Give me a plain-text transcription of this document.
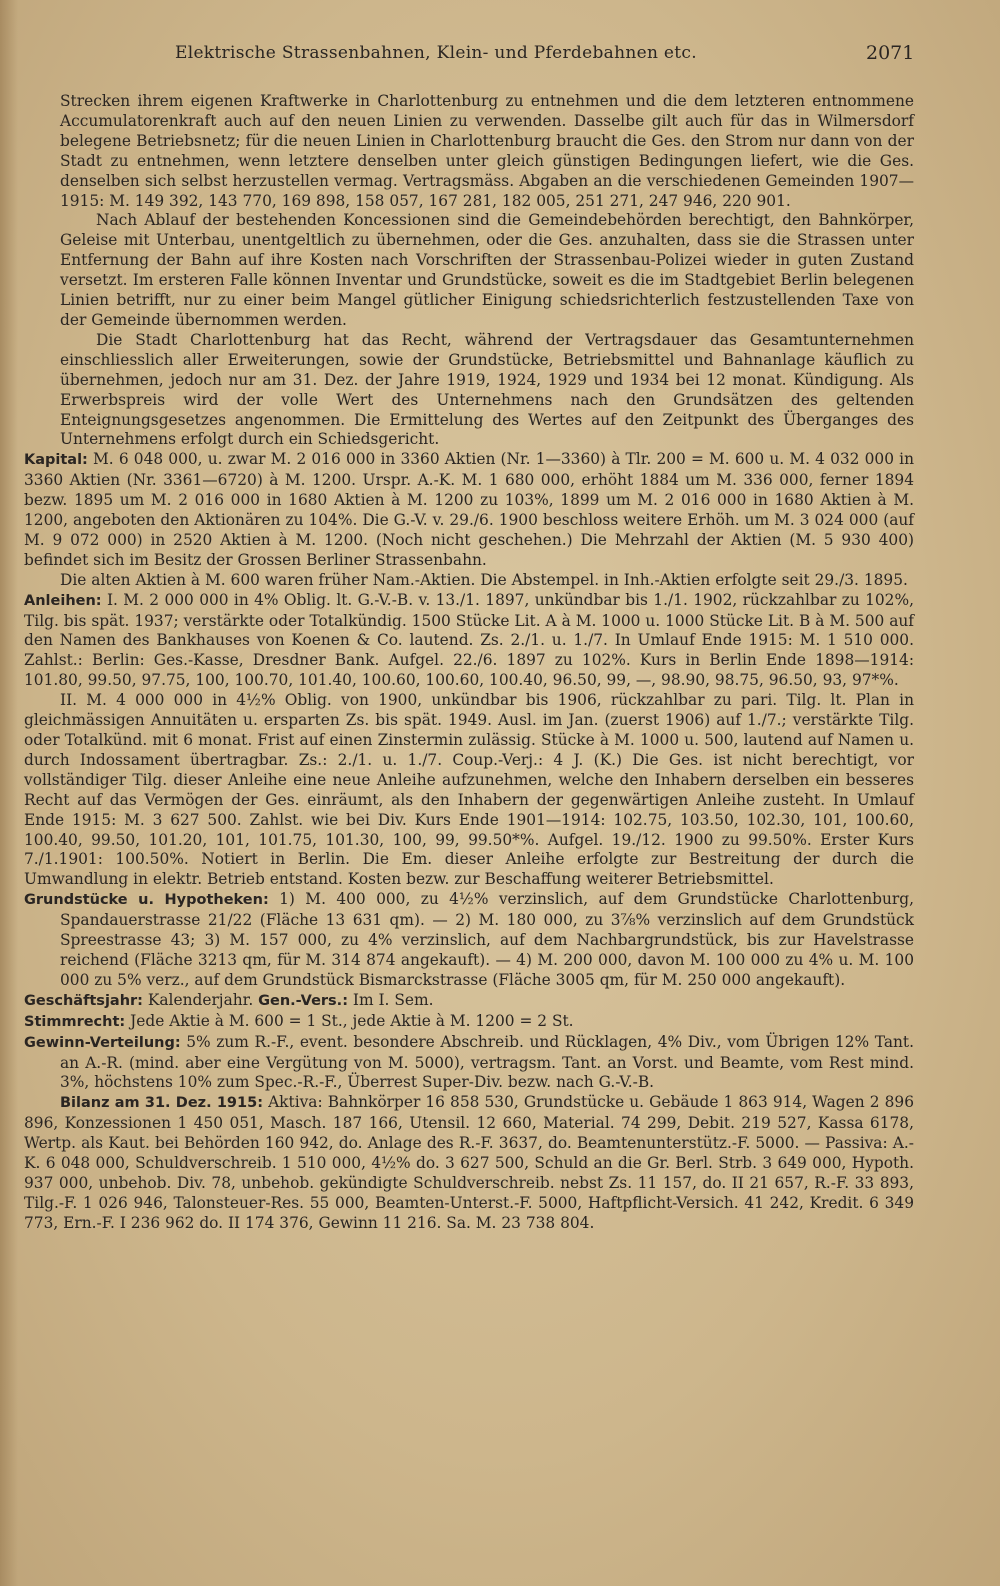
Elektrische Strassenbahnen, Klein- und Pferdebahnen etc.	2071

Strecken ihrem eigenen Kraftwerke in Charlottenburg zu entnehmen und die dem letzteren entnommene Accumulatorenkraft auch auf den neuen Linien zu verwenden. Dasselbe gilt auch für das in Wilmersdorf belegene Betriebsnetz; für die neuen Linien in Charlottenburg braucht die Ges. den Strom nur dann von der Stadt zu entnehmen, wenn letztere denselben unter gleich günstigen Bedingungen liefert, wie die Ges. denselben sich selbst herzustellen vermag. Vertragsmäss. Abgaben an die verschiedenen Gemeinden 1907—1915: M. 149 392, 143 770, 169 898, 158 057, 167 281, 182 005, 251 271, 247 946, 220 901.

Nach Ablauf der bestehenden Koncessionen sind die Gemeindebehörden berechtigt, den Bahnkörper, Geleise mit Unterbau, unentgeltlich zu übernehmen, oder die Ges. anzuhalten, dass sie die Strassen unter Entfernung der Bahn auf ihre Kosten nach Vorschriften der Strassenbau-Polizei wieder in guten Zustand versetzt. Im ersteren Falle können Inventar und Grundstücke, soweit es die im Stadtgebiet Berlin belegenen Linien betrifft, nur zu einer beim Mangel gütlicher Einigung schiedsrichterlich festzustellenden Taxe von der Gemeinde übernommen werden.

Die Stadt Charlottenburg hat das Recht, während der Vertragsdauer das Gesamtunternehmen einschliesslich aller Erweiterungen, sowie der Grundstücke, Betriebsmittel und Bahnanlage käuflich zu übernehmen, jedoch nur am 31. Dez. der Jahre 1919, 1924, 1929 und 1934 bei 12 monat. Kündigung. Als Erwerbspreis wird der volle Wert des Unternehmens nach den Grundsätzen des geltenden Enteignungsgesetzes angenommen. Die Ermittelung des Wertes auf den Zeitpunkt des Überganges des Unternehmens erfolgt durch ein Schiedsgericht.

Kapital: M. 6 048 000, u. zwar M. 2 016 000 in 3360 Aktien (Nr. 1—3360) à Tlr. 200 = M. 600 u. M. 4 032 000 in 3360 Aktien (Nr. 3361—6720) à M. 1200. Urspr. A.-K. M. 1 680 000, erhöht 1884 um M. 336 000, ferner 1894 bezw. 1895 um M. 2 016 000 in 1680 Aktien à M. 1200 zu 103%, 1899 um M. 2 016 000 in 1680 Aktien à M. 1200, angeboten den Aktionären zu 104%. Die G.-V. v. 29./6. 1900 beschloss weitere Erhöh. um M. 3 024 000 (auf M. 9 072 000) in 2520 Aktien à M. 1200. (Noch nicht geschehen.) Die Mehrzahl der Aktien (M. 5 930 400) befindet sich im Besitz der Grossen Berliner Strassenbahn.

Die alten Aktien à M. 600 waren früher Nam.-Aktien. Die Abstempel. in Inh.-Aktien erfolgte seit 29./3. 1895.

Anleihen: I. M. 2 000 000 in 4% Oblig. lt. G.-V.-B. v. 13./1. 1897, unkündbar bis 1./1. 1902, rückzahlbar zu 102%, Tilg. bis spät. 1937; verstärkte oder Totalkündig. 1500 Stücke Lit. A à M. 1000 u. 1000 Stücke Lit. B à M. 500 auf den Namen des Bankhauses von Koenen & Co. lautend. Zs. 2./1. u. 1./7. In Umlauf Ende 1915: M. 1 510 000. Zahlst.: Berlin: Ges.-Kasse, Dresdner Bank. Aufgel. 22./6. 1897 zu 102%. Kurs in Berlin Ende 1898—1914: 101.80, 99.50, 97.75, 100, 100.70, 101.40, 100.60, 100.60, 100.40, 96.50, 99, —, 98.90, 98.75, 96.50, 93, 97*%.

II. M. 4 000 000 in 4½% Oblig. von 1900, unkündbar bis 1906, rückzahlbar zu pari. Tilg. lt. Plan in gleichmässigen Annuitäten u. ersparten Zs. bis spät. 1949. Ausl. im Jan. (zuerst 1906) auf 1./7.; verstärkte Tilg. oder Totalkünd. mit 6 monat. Frist auf einen Zinstermin zulässig. Stücke à M. 1000 u. 500, lautend auf Namen u. durch Indossament übertragbar. Zs.: 2./1. u. 1./7. Coup.-Verj.: 4 J. (K.) Die Ges. ist nicht berechtigt, vor vollständiger Tilg. dieser Anleihe eine neue Anleihe aufzunehmen, welche den Inhabern derselben ein besseres Recht auf das Vermögen der Ges. einräumt, als den Inhabern der gegenwärtigen Anleihe zusteht. In Umlauf Ende 1915: M. 3 627 500. Zahlst. wie bei Div. Kurs Ende 1901—1914: 102.75, 103.50, 102.30, 101, 100.60, 100.40, 99.50, 101.20, 101, 101.75, 101.30, 100, 99, 99.50*%. Aufgel. 19./12. 1900 zu 99.50%. Erster Kurs 7./1.1901: 100.50%. Notiert in Berlin. Die Em. dieser Anleihe erfolgte zur Bestreitung der durch die Umwandlung in elektr. Betrieb entstand. Kosten bezw. zur Beschaffung weiterer Betriebsmittel.

Grundstücke u. Hypotheken: 1) M. 400 000, zu 4½% verzinslich, auf dem Grundstücke Charlottenburg, Spandauerstrasse 21/22 (Fläche 13 631 qm). — 2) M. 180 000, zu 3⅞% verzinslich auf dem Grundstück Spreestrasse 43; 3) M. 157 000, zu 4% verzinslich, auf dem Nachbargrundstück, bis zur Havelstrasse reichend (Fläche 3213 qm, für M. 314 874 angekauft). — 4) M. 200 000, davon M. 100 000 zu 4% u. M. 100 000 zu 5% verz., auf dem Grundstück Bismarckstrasse (Fläche 3005 qm, für M. 250 000 angekauft).

Geschäftsjahr: Kalenderjahr. Gen.-Vers.: Im I. Sem.

Stimmrecht: Jede Aktie à M. 600 = 1 St., jede Aktie à M. 1200 = 2 St.

Gewinn-Verteilung: 5% zum R.-F., event. besondere Abschreib. und Rücklagen, 4% Div., vom Übrigen 12% Tant. an A.-R. (mind. aber eine Vergütung von M. 5000), vertragsm. Tant. an Vorst. und Beamte, vom Rest mind. 3%, höchstens 10% zum Spec.-R.-F., Überrest Super-Div. bezw. nach G.-V.-B.

Bilanz am 31. Dez. 1915: Aktiva: Bahnkörper 16 858 530, Grundstücke u. Gebäude 1 863 914, Wagen 2 896 896, Konzessionen 1 450 051, Masch. 187 166, Utensil. 12 660, Material. 74 299, Debit. 219 527, Kassa 6178, Wertp. als Kaut. bei Behörden 160 942, do. Anlage des R.-F. 3637, do. Beamtenunterstütz.-F. 5000. — Passiva: A.-K. 6 048 000, Schuldverschreib. 1 510 000, 4½% do. 3 627 500, Schuld an die Gr. Berl. Strb. 3 649 000, Hypoth. 937 000, unbehob. Div. 78, unbehob. gekündigte Schuldverschreib. nebst Zs. 11 157, do. II 21 657, R.-F. 33 893, Tilg.-F. 1 026 946, Talonsteuer-Res. 55 000, Beamten-Unterst.-F. 5000, Haftpflicht-Versich. 41 242, Kredit. 6 349 773, Ern.-F. I 236 962 do. II 174 376, Gewinn 11 216. Sa. M. 23 738 804.
